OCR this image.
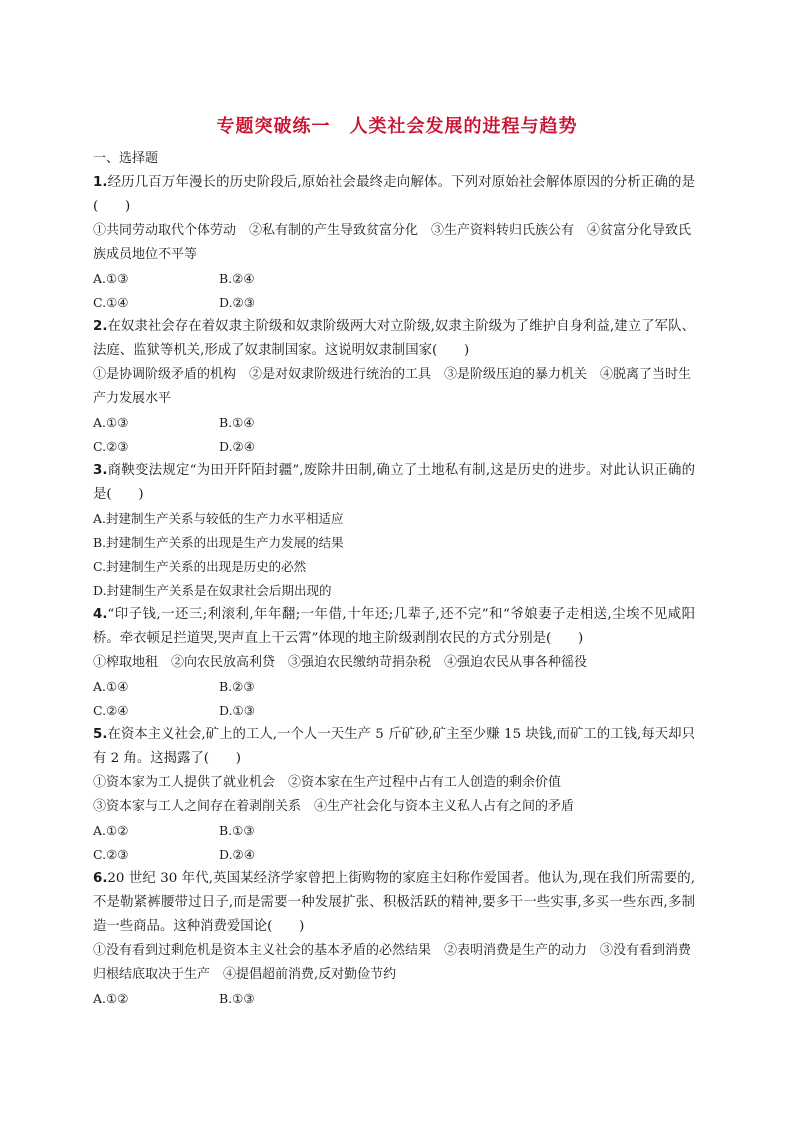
专题突破练一　人类社会发展的进程与趋势
一、选择题
1.经历几百万年漫长的历史阶段后,原始社会最终走向解体。下列对原始社会解体原因的分析正确的是(　　)
①共同劳动取代个体劳动　②私有制的产生导致贫富分化　③生产资料转归氏族公有　④贫富分化导致氏族成员地位不平等
A.①③	B.②④
C.①④	D.②③
2.在奴隶社会存在着奴隶主阶级和奴隶阶级两大对立阶级,奴隶主阶级为了维护自身利益,建立了军队、法庭、监狱等机关,形成了奴隶制国家。这说明奴隶制国家(　　)
①是协调阶级矛盾的机构　②是对奴隶阶级进行统治的工具　③是阶级压迫的暴力机关　④脱离了当时生产力发展水平
A.①③	B.①④
C.②③	D.②④
3.商鞅变法规定“为田开阡陌封疆”,废除井田制,确立了土地私有制,这是历史的进步。对此认识正确的是(　　)
A.封建制生产关系与较低的生产力水平相适应
B.封建制生产关系的出现是生产力发展的结果
C.封建制生产关系的出现是历史的必然
D.封建制生产关系是在奴隶社会后期出现的
4.“印子钱,一还三;利滚利,年年翻;一年借,十年还;几辈子,还不完”和“爷娘妻子走相送,尘埃不见咸阳桥。牵衣顿足拦道哭,哭声直上干云霄”体现的地主阶级剥削农民的方式分别是(　　)
①榨取地租　②向农民放高利贷　③强迫农民缴纳苛捐杂税　④强迫农民从事各种徭役
A.①④	B.②③
C.②④	D.①③
5.在资本主义社会,矿上的工人,一个人一天生产 5 斤矿砂,矿主至少赚 15 块钱,而矿工的工钱,每天却只有 2 角。这揭露了(　　)
①资本家为工人提供了就业机会　②资本家在生产过程中占有工人创造的剩余价值
③资本家与工人之间存在着剥削关系　④生产社会化与资本主义私人占有之间的矛盾
A.①②	B.①③
C.②③	D.②④
6.20 世纪 30 年代,英国某经济学家曾把上街购物的家庭主妇称作爱国者。他认为,现在我们所需要的,不是勒紧裤腰带过日子,而是需要一种发展扩张、积极活跃的精神,要多干一些实事,多买一些东西,多制造一些商品。这种消费爱国论(　　)
①没有看到过剩危机是资本主义社会的基本矛盾的必然结果　②表明消费是生产的动力　③没有看到消费归根结底取决于生产　④提倡超前消费,反对勤俭节约
A.①②	B.①③
